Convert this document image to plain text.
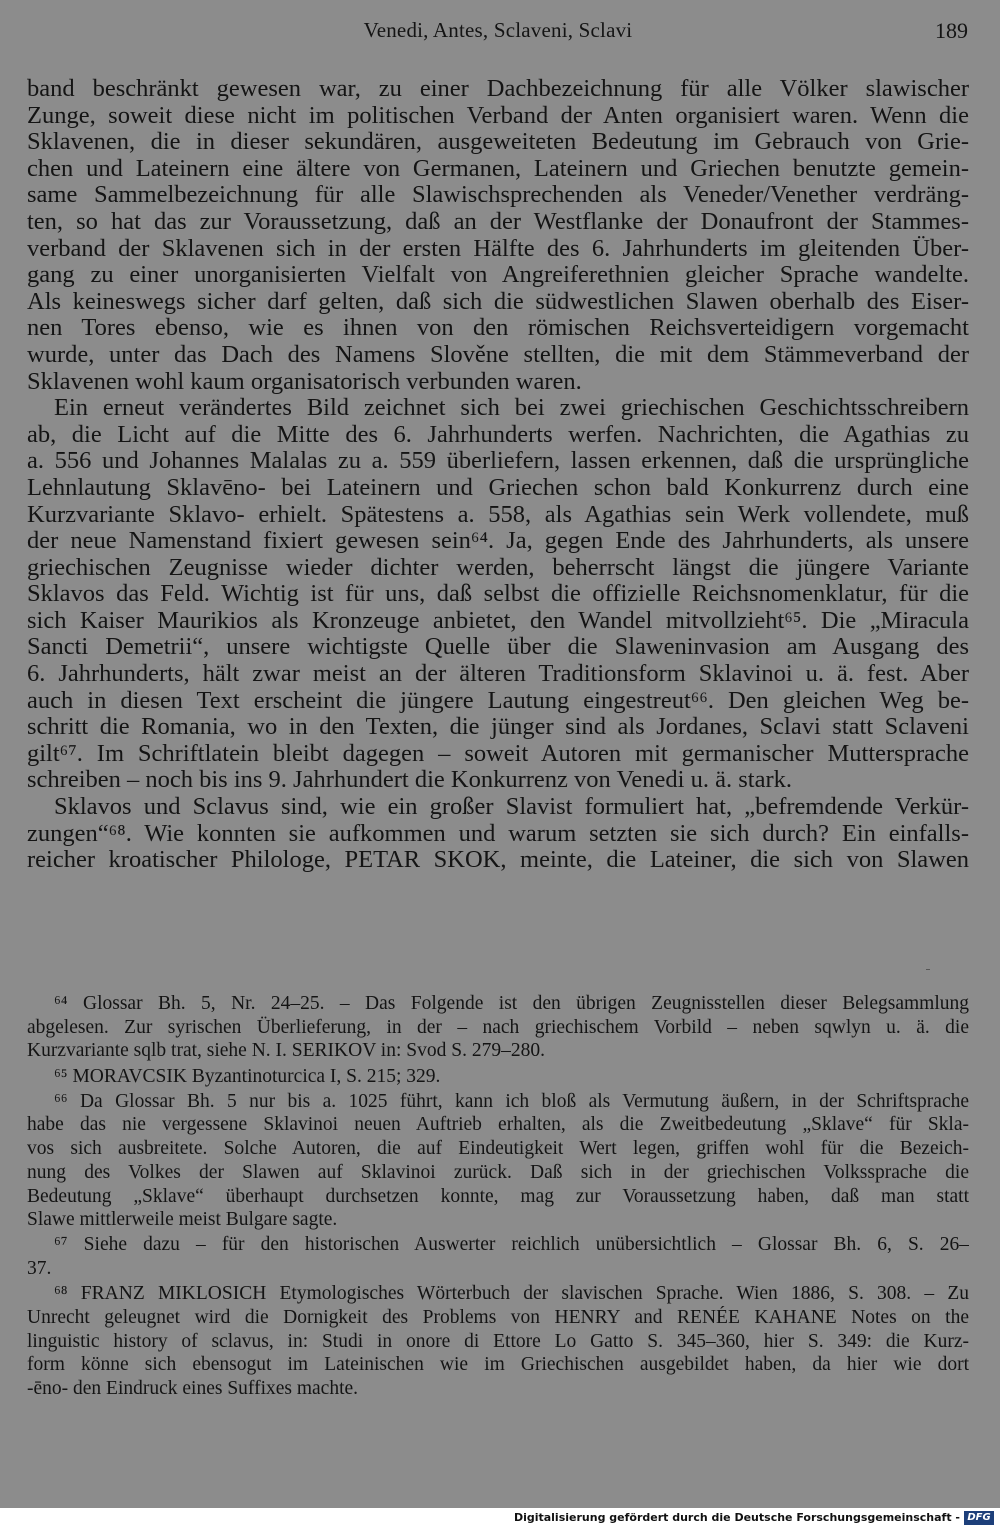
Venedi, Antes, Sclaveni, Sclavi	189
band beschränkt gewesen war, zu einer Dachbezeichnung für alle Völker slawischer
Zunge, soweit diese nicht im politischen Verband der Anten organisiert waren. Wenn die
Sklavenen, die in dieser sekundären, ausgeweiteten Bedeutung im Gebrauch von Grie-
chen und Lateinern eine ältere von Germanen, Lateinern und Griechen benutzte gemein-
same Sammelbezeichnung für alle Slawischsprechenden als Veneder/Venether verdräng-
ten, so hat das zur Voraussetzung, daß an der Westflanke der Donaufront der Stammes-
verband der Sklavenen sich in der ersten Hälfte des 6. Jahrhunderts im gleitenden Über-
gang zu einer unorganisierten Vielfalt von Angreiferethnien gleicher Sprache wandelte.
Als keineswegs sicher darf gelten, daß sich die südwestlichen Slawen oberhalb des Eiser-
nen Tores ebenso, wie es ihnen von den römischen Reichsverteidigern vorgemacht
wurde, unter das Dach des Namens Slověne stellten, die mit dem Stämmeverband der
Sklavenen wohl kaum organisatorisch verbunden waren.
Ein erneut verändertes Bild zeichnet sich bei zwei griechischen Geschichtsschreibern
ab, die Licht auf die Mitte des 6. Jahrhunderts werfen. Nachrichten, die Agathias zu
a. 556 und Johannes Malalas zu a. 559 überliefern, lassen erkennen, daß die ursprüngliche
Lehnlautung Sklavēno- bei Lateinern und Griechen schon bald Konkurrenz durch eine
Kurzvariante Sklavo- erhielt. Spätestens a. 558, als Agathias sein Werk vollendete, muß
der neue Namenstand fixiert gewesen sein⁶⁴. Ja, gegen Ende des Jahrhunderts, als unsere
griechischen Zeugnisse wieder dichter werden, beherrscht längst die jüngere Variante
Sklavos das Feld. Wichtig ist für uns, daß selbst die offizielle Reichsnomenklatur, für die
sich Kaiser Maurikios als Kronzeuge anbietet, den Wandel mitvollzieht⁶⁵. Die „Miracula
Sancti Demetrii“, unsere wichtigste Quelle über die Slaweninvasion am Ausgang des
6. Jahrhunderts, hält zwar meist an der älteren Traditionsform Sklavinoi u. ä. fest. Aber
auch in diesen Text erscheint die jüngere Lautung eingestreut⁶⁶. Den gleichen Weg be-
schritt die Romania, wo in den Texten, die jünger sind als Jordanes, Sclavi statt Sclaveni
gilt⁶⁷. Im Schriftlatein bleibt dagegen – soweit Autoren mit germanischer Muttersprache
schreiben – noch bis ins 9. Jahrhundert die Konkurrenz von Venedi u. ä. stark.
Sklavos und Sclavus sind, wie ein großer Slavist formuliert hat, „befremdende Verkür-
zungen“⁶⁸. Wie konnten sie aufkommen und warum setzten sie sich durch? Ein einfalls-
reicher kroatischer Philologe, PETAR SKOK, meinte, die Lateiner, die sich von Slawen
⁶⁴ Glossar Bh. 5, Nr. 24–25. – Das Folgende ist den übrigen Zeugnisstellen dieser Belegsammlung
abgelesen. Zur syrischen Überlieferung, in der – nach griechischem Vorbild – neben sqwlyn u. ä. die
Kurzvariante sqlb trat, siehe N. I. SERIKOV in: Svod S. 279–280.
⁶⁵ MORAVCSIK Byzantinoturcica I, S. 215; 329.
⁶⁶ Da Glossar Bh. 5 nur bis a. 1025 führt, kann ich bloß als Vermutung äußern, in der Schriftsprache
habe das nie vergessene Sklavinoi neuen Auftrieb erhalten, als die Zweitbedeutung „Sklave“ für Skla-
vos sich ausbreitete. Solche Autoren, die auf Eindeutigkeit Wert legen, griffen wohl für die Bezeich-
nung des Volkes der Slawen auf Sklavinoi zurück. Daß sich in der griechischen Volkssprache die
Bedeutung „Sklave“ überhaupt durchsetzen konnte, mag zur Voraussetzung haben, daß man statt
Slawe mittlerweile meist Bulgare sagte.
⁶⁷ Siehe dazu – für den historischen Auswerter reichlich unübersichtlich – Glossar Bh. 6, S. 26–
37.
⁶⁸ FRANZ MIKLOSICH Etymologisches Wörterbuch der slavischen Sprache. Wien 1886, S. 308. – Zu
Unrecht geleugnet wird die Dornigkeit des Problems von HENRY and RENÉE KAHANE Notes on the
linguistic history of sclavus, in: Studi in onore di Ettore Lo Gatto S. 345–360, hier S. 349: die Kurz-
form könne sich ebensogut im Lateinischen wie im Griechischen ausgebildet haben, da hier wie dort
-ēno- den Eindruck eines Suffixes machte.
Digitalisierung gefördert durch die Deutsche Forschungsgemeinschaft - DFG
